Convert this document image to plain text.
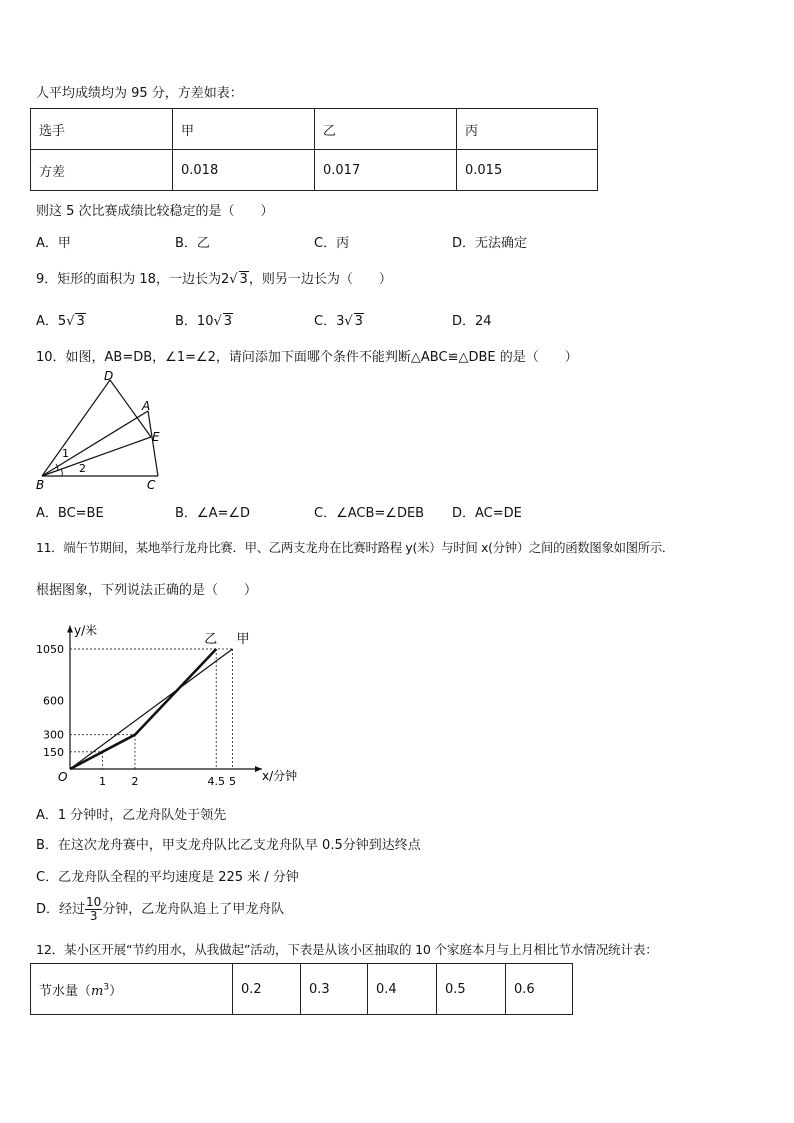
人平均成绩均为 95 分，方差如表：
选手	甲	乙	丙
方差	0.018	0.017	0.015
则这 5 次比赛成绩比较稳定的是（　　）
A．甲	B．乙	C．丙	D．无法确定
9．矩形的面积为 18，一边长为2√ 3，则另一边长为（　　）
A．5√ 3	B．10√ 3	C．3√ 3	D．24
10．如图，AB=DB，∠1=∠2，请问添加下面哪个条件不能判断△ABC≌△DBE 的是（　　）
D
A
E
B	C
1
2
A．BC=BE	B．∠A=∠D	C．∠ACB=∠DEB D．AC=DE
11．端午节期间，某地举行龙舟比赛．甲、乙两支龙舟在比赛时路程 y(米）与时间 x(分钟）之间的函数图象如图所示．
根据图象，下列说法正确的是（　　）
y/米
x/分钟
O
150
300
600
1050
1 2	4.5 5
甲
乙
A．1 分钟时，乙龙舟队处于领先
B．在这次龙舟赛中，甲支龙舟队比乙支龙舟队早 0.5分钟到达终点
C．乙龙舟队全程的平均速度是 225 米 / 分钟
D．经过 $\frac{10}{3}$ 分钟，乙龙舟队追上了甲龙舟队
12．某小区开展“节约用水，从我做起”活动，下表是从该小区抽取的 10 个家庭本月与上月相比节水情况统计表：
节水量$(m^3)$	0.2	0.3	0.4	0.5	0.6
